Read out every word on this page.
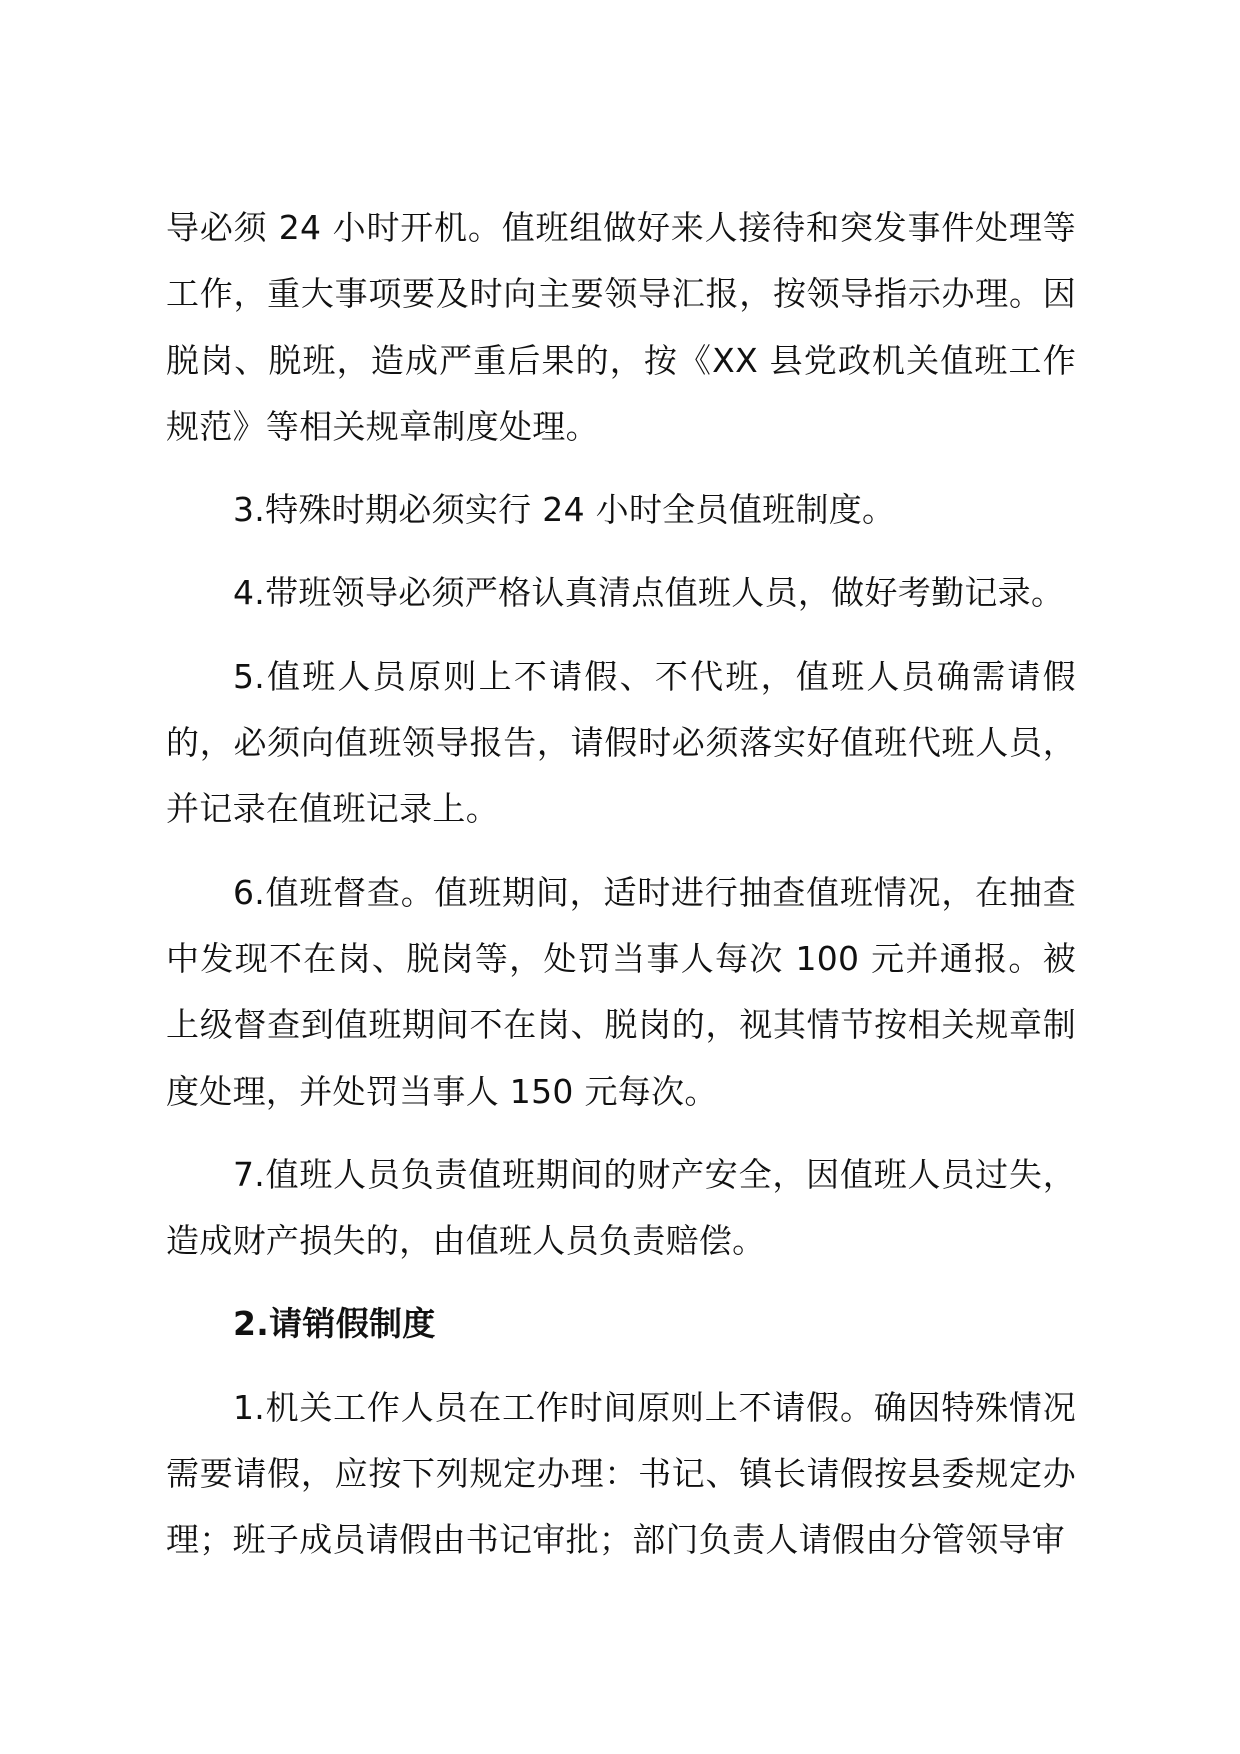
导必须 24 小时开机。值班组做好来人接待和突发事件处理等工作，重大事项要及时向主要领导汇报，按领导指示办理。因脱岗、脱班，造成严重后果的，按《XX 县党政机关值班工作规范》等相关规章制度处理。

3.特殊时期必须实行 24 小时全员值班制度。

4.带班领导必须严格认真清点值班人员，做好考勤记录。

5.值班人员原则上不请假、不代班，值班人员确需请假的，必须向值班领导报告，请假时必须落实好值班代班人员，并记录在值班记录上。

6.值班督查。值班期间，适时进行抽查值班情况，在抽查中发现不在岗、脱岗等，处罚当事人每次 100 元并通报。被上级督查到值班期间不在岗、脱岗的，视其情节按相关规章制度处理，并处罚当事人 150 元每次。

7.值班人员负责值班期间的财产安全，因值班人员过失，造成财产损失的，由值班人员负责赔偿。

2.请销假制度

1.机关工作人员在工作时间原则上不请假。确因特殊情况需要请假，应按下列规定办理：书记、镇长请假按县委规定办理；班子成员请假由书记审批；部门负责人请假由分管领导审
